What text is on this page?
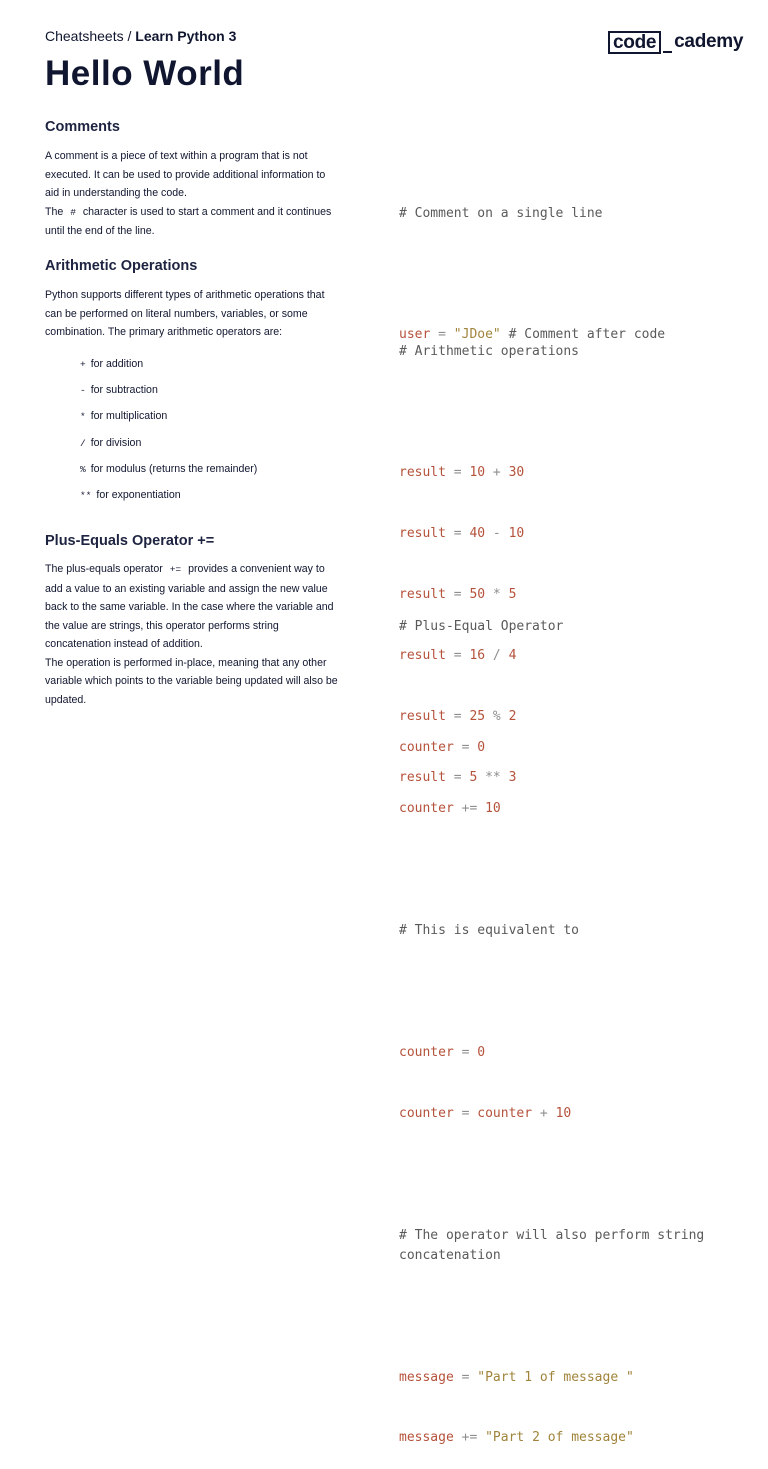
Cheatsheets / Learn Python 3	code cademy
Hello World
Comments

A comment is a piece of text within a program that is not executed. It can be used to provide additional information to aid in understanding the code.

The # character is used to start a comment and it continues until the end of the line.

# Comment on a single line

user = "JDoe" # Comment after code

Arithmetic Operations

Python supports different types of arithmetic operations that can be performed on literal numbers, variables, or some combination. The primary arithmetic operators are:

+ for addition
- for subtraction
* for multiplication
/ for division
% for modulus (returns the remainder)
** for exponentiation

# Arithmetic operations

result = 10 + 30

result = 40 - 10

result = 50 * 5

result = 16 / 4

result = 25 % 2

result = 5 ** 3

Plus-Equals Operator +=

The plus-equals operator += provides a convenient way to add a value to an existing variable and assign the new value back to the same variable. In the case where the variable and the value are strings, this operator performs string concatenation instead of addition.

The operation is performed in-place, meaning that any other variable which points to the variable being updated will also be updated.

# Plus-Equal Operator

counter = 0

counter += 10

# This is equivalent to

counter = 0

counter = counter + 10

# The operator will also perform string concatenation

message = "Part 1 of message "

message += "Part 2 of message"
